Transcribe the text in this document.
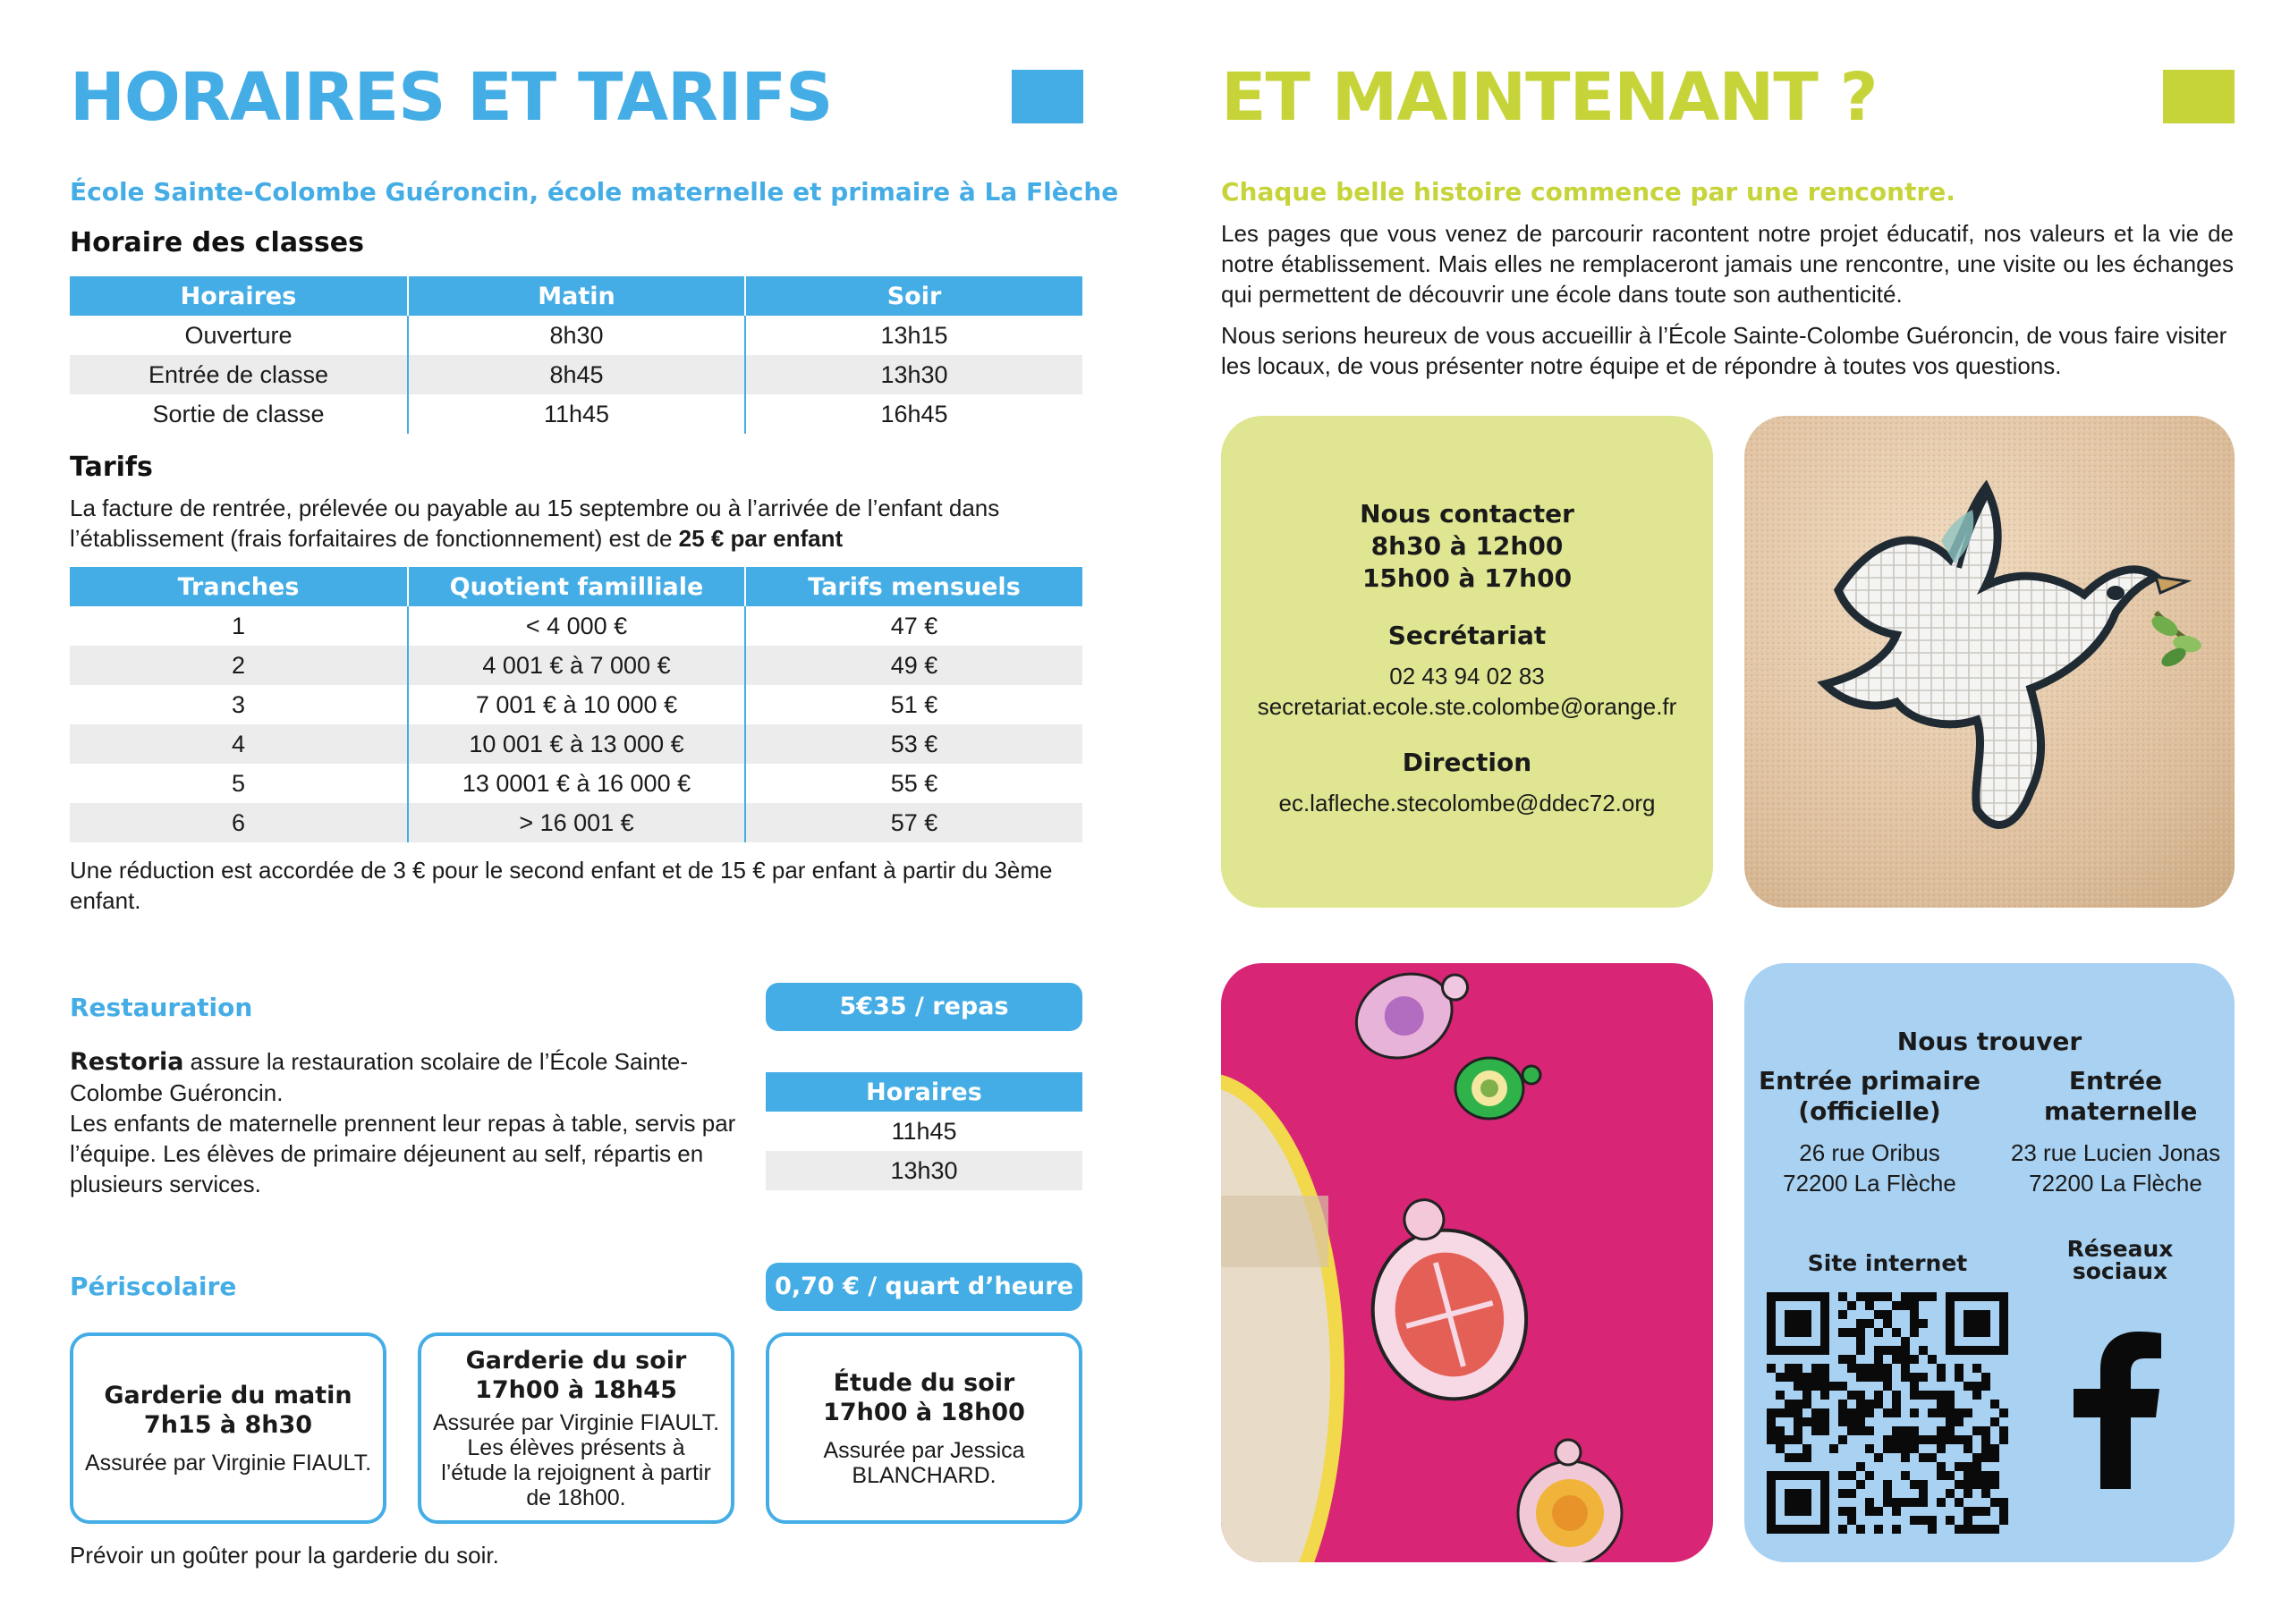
HORAIRES ET TARIFS
École Sainte-Colombe Guéroncin, école maternelle et primaire à La Flèche
Horaire des classes
Horaires	Matin	Soir
Ouverture	8h30	13h15
Entrée de classe	8h45	13h30
Sortie de classe	11h45	16h45
Tarifs
La facture de rentrée, prélevée ou payable au 15 septembre ou à l’arrivée de l’enfant dans l’établissement (frais forfaitaires de fonctionnement) est de 25 € par enfant
Tranches	Quotient familliale	Tarifs mensuels
1	< 4 000 €	47 €
2	4 001 € à 7 000 €	49 €
3	7 001 € à 10 000 €	51 €
4	10 001 € à 13 000 €	53 €
5	13 0001 € à 16 000 €	55 €
6	> 16 001 €	57 €
Une réduction est accordée de 3 € pour le second enfant et de 15 € par enfant à partir du 3ème enfant.
Restauration	5€35 / repas
Restoria assure la restauration scolaire de l’École Sainte-Colombe Guéroncin.
Les enfants de maternelle prennent leur repas à table, servis par l’équipe. Les élèves de primaire déjeunent au self, répartis en plusieurs services.
Horaires
11h45
13h30
Périscolaire	0,70 € / quart d’heure
Garderie du matin
7h15 à 8h30
Assurée par Virginie FIAULT.
Garderie du soir
17h00 à 18h45
Assurée par Virginie FIAULT. Les élèves présents à l’étude la rejoignent à partir de 18h00.
Étude du soir
17h00 à 18h00
Assurée par Jessica BLANCHARD.
Prévoir un goûter pour la garderie du soir.
ET MAINTENANT ?
Chaque belle histoire commence par une rencontre.
Les pages que vous venez de parcourir racontent notre projet éducatif, nos valeurs et la vie de notre établissement. Mais elles ne remplaceront jamais une rencontre, une visite ou les échanges qui permettent de découvrir une école dans toute son authenticité.
Nous serions heureux de vous accueillir à l’École Sainte-Colombe Guéroncin, de vous faire visiter les locaux, de vous présenter notre équipe et de répondre à toutes vos questions.
Nous contacter
8h30 à 12h00
15h00 à 17h00
Secrétariat
02 43 94 02 83
secretariat.ecole.ste.colombe@orange.fr
Direction
ec.lafleche.stecolombe@ddec72.org
Nous trouver
Entrée primaire (officielle)
26 rue Oribus
72200 La Flèche
Entrée maternelle
23 rue Lucien Jonas
72200 La Flèche
Site internet
Réseaux sociaux
